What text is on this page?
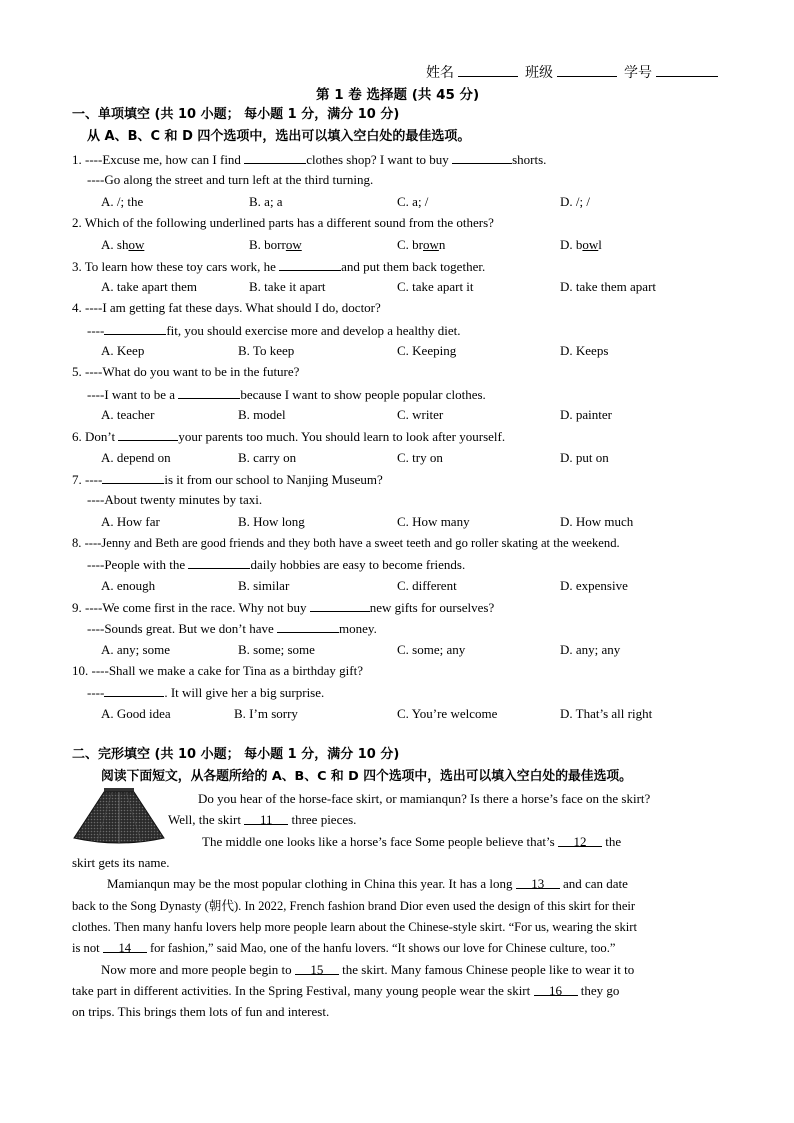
姓名	班级	学号
第 1 卷 选择题 (共 45 分)
一、单项填空 (共 10 小题； 每小题 1 分，满分 10 分)
从 A、B、C 和 D 四个选项中，选出可以填入空白处的最佳选项。
1. ----Excuse me, how can I find	clothes shop? I want to buy	shorts.
----Go along the street and turn left at the third turning.
A. /; the	B. a; a	C. a; /	D. /; /
2. Which of the following underlined parts has a different sound from the others?
A. show	B. borrow	C. brown	D. bowl
3. To learn how these toy cars work, he	and put them back together.
A. take apart them	B. take it apart	C. take apart it	D. take them apart
4. ----I am getting fat these days. What should I do, doctor?
----	fit, you should exercise more and develop a healthy diet.
A. Keep	B. To keep	C. Keeping	D. Keeps
5. ----What do you want to be in the future?
----I want to be a	because I want to show people popular clothes.
A. teacher	B. model	C. writer	D. painter
6. Don’t	your parents too much. You should learn to look after yourself.
A. depend on	B. carry on	C. try on	D. put on
7. ----	is it from our school to Nanjing Museum?
----About twenty minutes by taxi.
A. How far	B. How long	C. How many	D. How much
8. ----Jenny and Beth are good friends and they both have a sweet teeth and go roller skating at the weekend.
----People with the	daily hobbies are easy to become friends.
A. enough	B. similar	C. different	D. expensive
9. ----We come first in the race. Why not buy	new gifts for ourselves?
----Sounds great. But we don’t have	money.
A. any; some	B. some; some	C. some; any	D. any; any
10. ----Shall we make a cake for Tina as a birthday gift?
----	. It will give her a big surprise.
A. Good idea	B. I’m sorry	C. You’re welcome	D. That’s all right
二、完形填空 (共 10 小题； 每小题 1 分，满分 10 分)
阅读下面短文，从各题所给的 A、B、C 和 D 四个选项中，选出可以填入空白处的最佳选项。
Do you hear of the horse-face skirt, or mamianqun? Is there a horse’s face on the skirt?
Well, the skirt 11 three pieces.
The middle one looks like a horse’s face Some people believe that’s 12 the
skirt gets its name.
Mamianqun may be the most popular clothing in China this year. It has a long 13 and can date
back to the Song Dynasty (朝代). In 2022, French fashion brand Dior even used the design of this skirt for their
clothes. Then many hanfu lovers help more people learn about the Chinese-style skirt. “For us, wearing the skirt
is not 14 for fashion,” said Mao, one of the hanfu lovers. “It shows our love for Chinese culture, too.”
Now more and more people begin to 15 the skirt. Many famous Chinese people like to wear it to
take part in different activities. In the Spring Festival, many young people wear the skirt 16 they go
on trips. This brings them lots of fun and interest.
